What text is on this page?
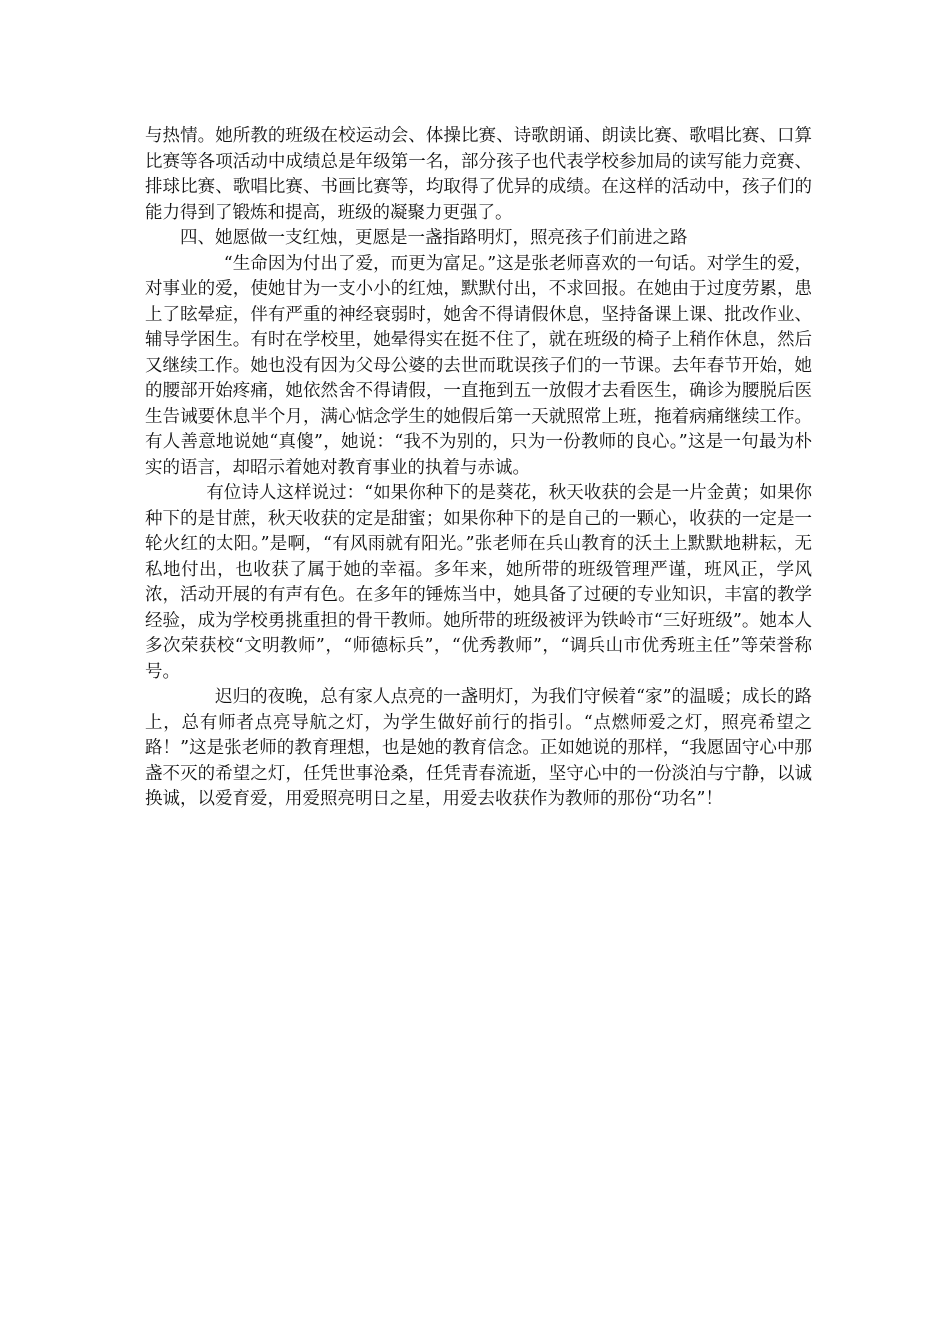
与热情。她所教的班级在校运动会、体操比赛、诗歌朗诵、朗读比赛、歌唱比赛、口算比赛等各项活动中成绩总是年级第一名，部分孩子也代表学校参加局的读写能力竞赛、排球比赛、歌唱比赛、书画比赛等，均取得了优异的成绩。在这样的活动中，孩子们的能力得到了锻炼和提高，班级的凝聚力更强了。

四、她愿做一支红烛，更愿是一盏指路明灯，照亮孩子们前进之路

“生命因为付出了爱，而更为富足。”这是张老师喜欢的一句话。对学生的爱，对事业的爱，使她甘为一支小小的红烛，默默付出，不求回报。在她由于过度劳累，患上了眩晕症，伴有严重的神经衰弱时，她舍不得请假休息，坚持备课上课、批改作业、辅导学困生。有时在学校里，她晕得实在挺不住了，就在班级的椅子上稍作休息，然后又继续工作。她也没有因为父母公婆的去世而耽误孩子们的一节课。去年春节开始，她的腰部开始疼痛，她依然舍不得请假，一直拖到五一放假才去看医生，确诊为腰脱后医生告诫要休息半个月，满心惦念学生的她假后第一天就照常上班，拖着病痛继续工作。有人善意地说她“真傻”，她说：“我不为别的，只为一份教师的良心。”这是一句最为朴实的语言，却昭示着她对教育事业的执着与赤诚。

有位诗人这样说过：“如果你种下的是葵花，秋天收获的会是一片金黄；如果你种下的是甘蔗，秋天收获的定是甜蜜；如果你种下的是自己的一颗心，收获的一定是一轮火红的太阳。”是啊，“有风雨就有阳光。”张老师在兵山教育的沃土上默默地耕耘，无私地付出，也收获了属于她的幸福。多年来，她所带的班级管理严谨，班风正，学风浓，活动开展的有声有色。在多年的锤炼当中，她具备了过硬的专业知识，丰富的教学经验，成为学校勇挑重担的骨干教师。她所带的班级被评为铁岭市“三好班级”。她本人多次荣获校“文明教师”，“师德标兵”，“优秀教师”，“调兵山市优秀班主任”等荣誉称号。

迟归的夜晚，总有家人点亮的一盏明灯，为我们守候着“家”的温暖；成长的路上，总有师者点亮导航之灯，为学生做好前行的指引。“点燃师爱之灯，照亮希望之路！”这是张老师的教育理想，也是她的教育信念。正如她说的那样，“我愿固守心中那盏不灭的希望之灯，任凭世事沧桑，任凭青春流逝，坚守心中的一份淡泊与宁静，以诚换诚，以爱育爱，用爱照亮明日之星，用爱去收获作为教师的那份“功名”！
